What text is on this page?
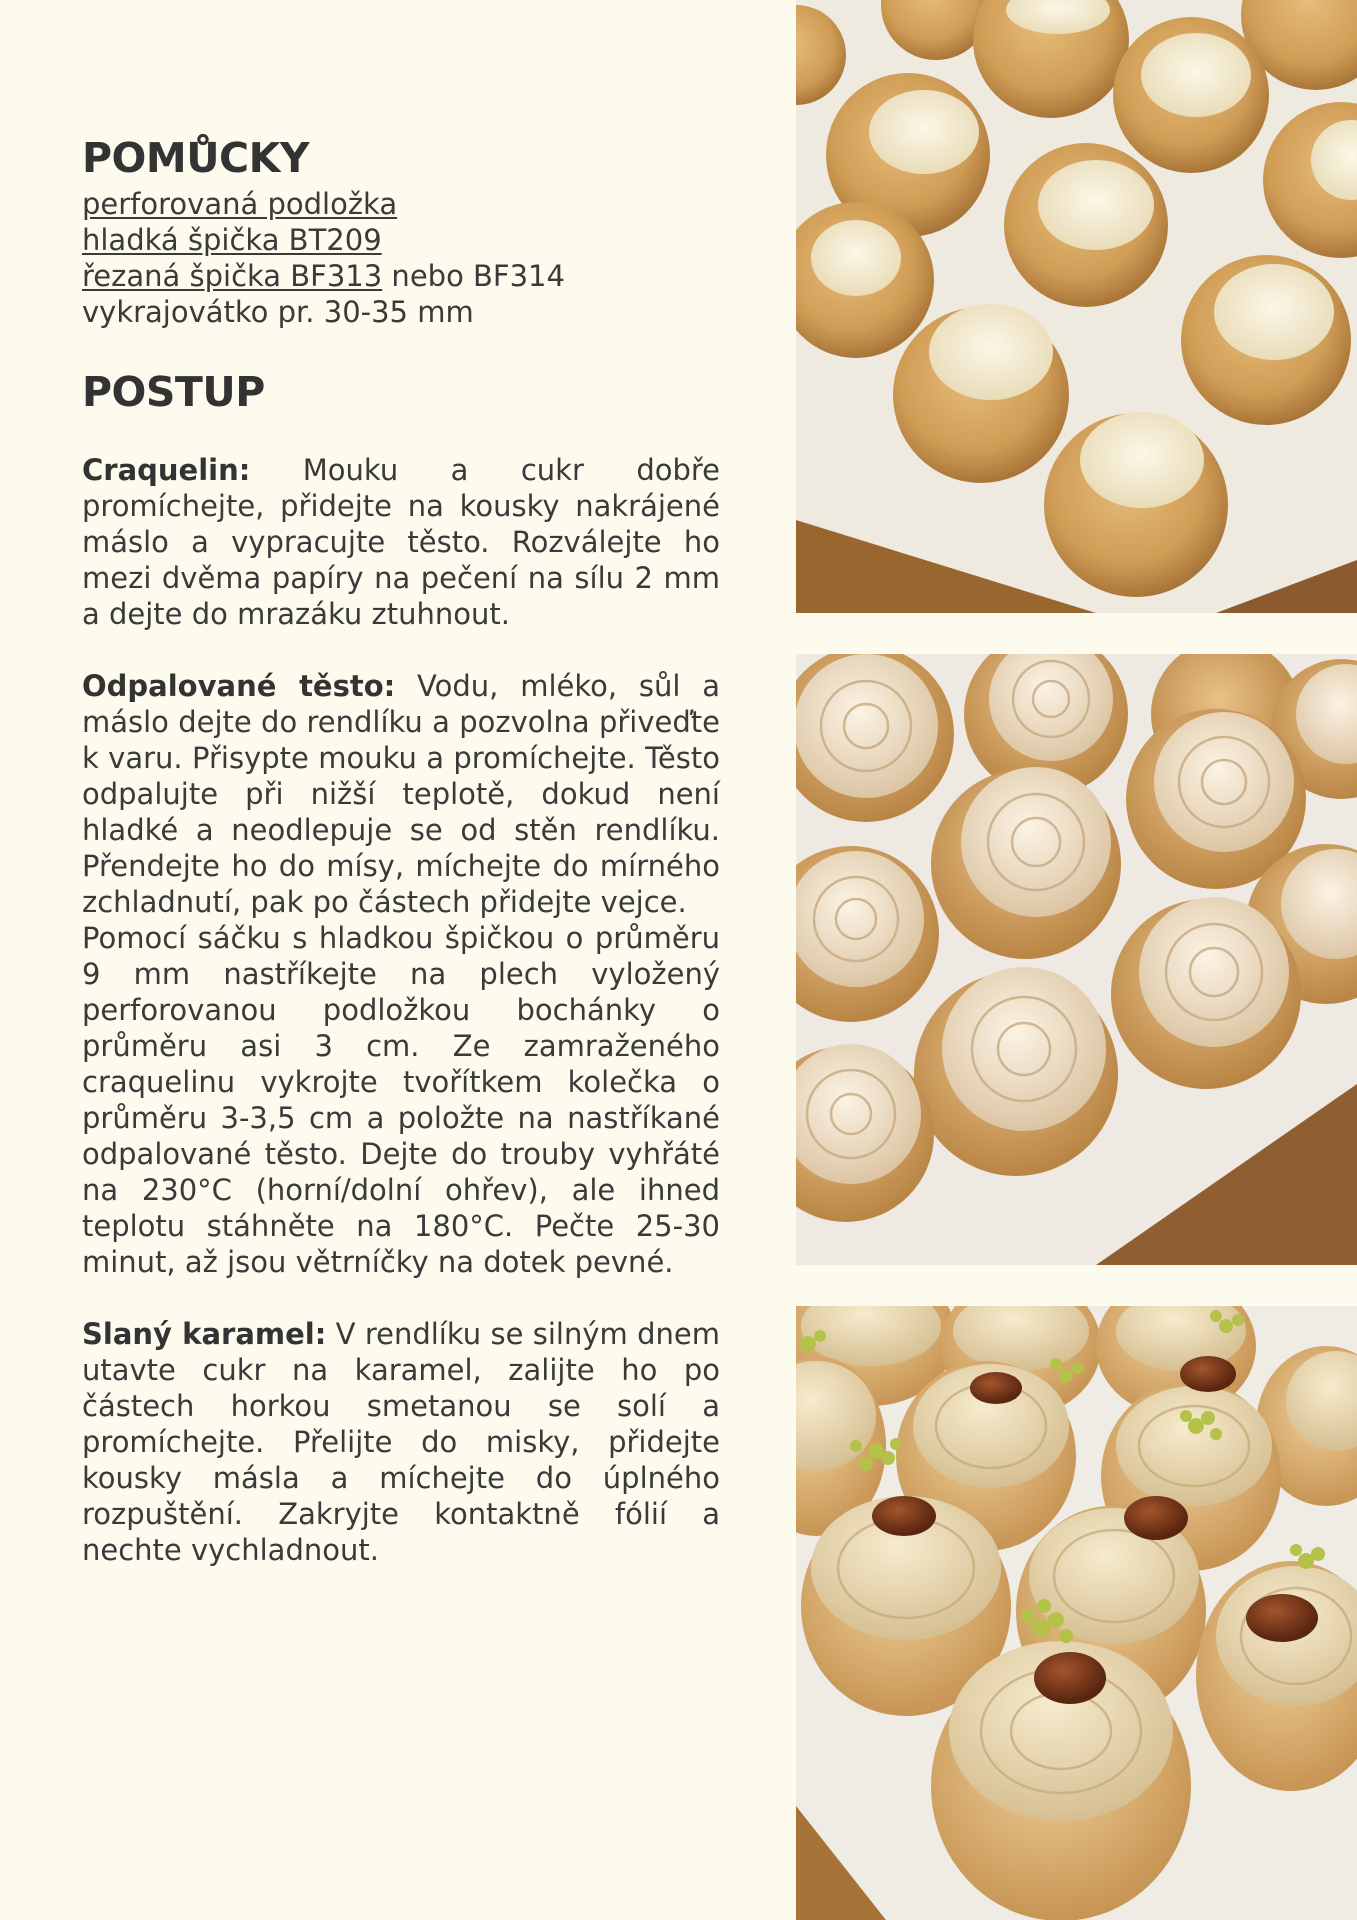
POMŮCKY
perforovaná podložka
hladká špička BT209
řezaná špička BF313 nebo BF314
vykrajovátko pr. 30-35 mm
POSTUP

Craquelin: Mouku a cukr dobře promíchejte, přidejte na kousky nakrájené máslo a vypracujte těsto. Rozválejte ho mezi dvěma papíry na pečení na sílu 2 mm a dejte do mrazáku ztuhnout.

Odpalované těsto: Vodu, mléko, sůl a máslo dejte do rendlíku a pozvolna přiveďte k varu. Přisypte mouku a promíchejte. Těsto odpalujte při nižší teplotě, dokud není hladké a neodlepuje se od stěn rendlíku. Přendejte ho do mísy, míchejte do mírného zchladnutí, pak po částech přidejte vejce.

Pomocí sáčku s hladkou špičkou o průměru 9 mm nastříkejte na plech vyložený perforovanou podložkou bochánky o průměru asi 3 cm. Ze zamraženého craquelinu vykrojte tvořítkem kolečka o průměru 3-3,5 cm a položte na nastříkané odpalované těsto. Dejte do trouby vyhřáté na 230°C (horní/dolní ohřev), ale ihned teplotu stáhněte na 180°C. Pečte 25-30 minut, až jsou větrníčky na dotek pevné.

Slaný karamel: V rendlíku se silným dnem utavte cukr na karamel, zalijte ho po částech horkou smetanou se solí a promíchejte. Přelijte do misky, přidejte kousky másla a míchejte do úplného rozpuštění. Zakryjte kontaktně fólií a nechte vychladnout.
